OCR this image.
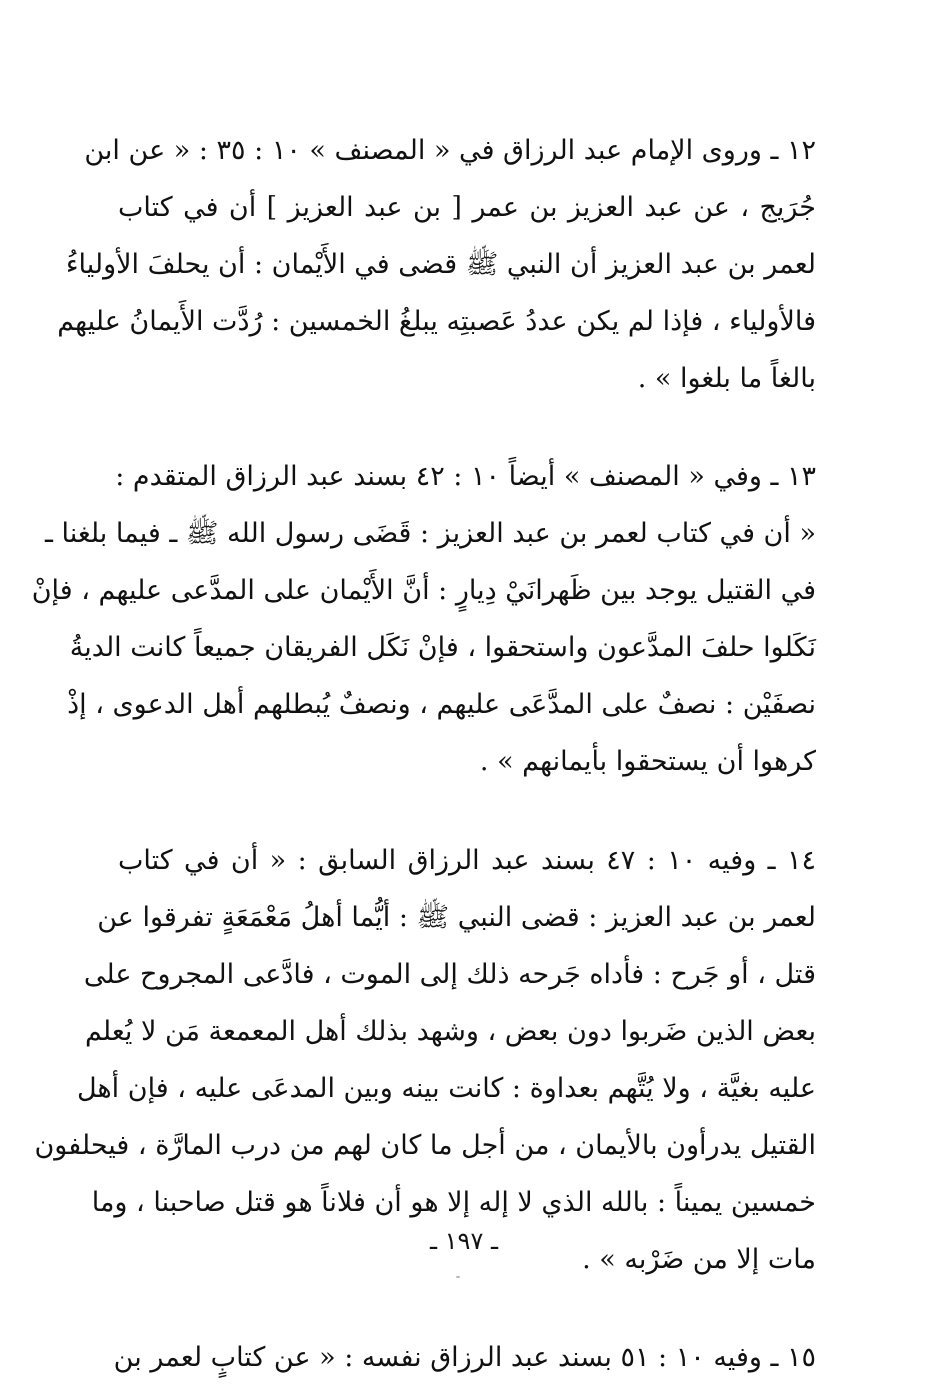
١٢ ـ وروى الإمام عبد الرزاق في « المصنف » ١٠ : ٣٥ : « عن ابن
جُرَيج ، عن عبد العزيز بن عمر [ بن عبد العزيز ] أن في كتاب
لعمر بن عبد العزيز أن النبي ﷺ قضى في الأَيْمان : أن يحلفَ الأولياءُ
فالأولياء ، فإذا لم يكن عددُ عَصبتِه يبلغُ الخمسين : رُدَّت الأَيمانُ عليهم
بالغاً ما بلغوا » .
١٣ ـ وفي « المصنف » أيضاً ١٠ : ٤٢ بسند عبد الرزاق المتقدم :
« أن في كتاب لعمر بن عبد العزيز : قَضَى رسول الله ﷺ ـ فيما بلغنا ـ
في القتيل يوجد بين ظَهرانَيْ دِيارٍ : أنَّ الأَيْمان على المدَّعى عليهم ، فإنْ
نَكَلوا حلفَ المدَّعون واستحقوا ، فإنْ نَكَل الفريقان جميعاً كانت الديةُ
نصفَيْن : نصفٌ على المدَّعَى عليهم ، ونصفٌ يُبطلهم أهل الدعوى ، إذْ
كرهوا أن يستحقوا بأيمانهم » .
١٤ ـ وفيه ١٠ : ٤٧ بسند عبد الرزاق السابق : « أن في كتاب
لعمر بن عبد العزيز : قضى النبي ﷺ : أيُّما أهلُ مَعْمَعَةٍ تفرقوا عن
قتل ، أو جَرح : فأداه جَرحه ذلك إلى الموت ، فادَّعى المجروح على
بعض الذين ضَربوا دون بعض ، وشهد بذلك أهل المعمعة مَن لا يُعلم
عليه بغيَّة ، ولا يُتَّهم بعداوة : كانت بينه وبين المدعَى عليه ، فإن أهل
القتيل يدرأون بالأيمان ، من أجل ما كان لهم من درب المارَّة ، فيحلفون
خمسين يميناً : بالله الذي لا إله إلا هو أن فلاناً هو قتل صاحبنا ، وما
مات إلا من ضَرْبه » .
١٥ ـ وفيه ١٠ : ٥١ بسند عبد الرزاق نفسه : « عن كتابٍ لعمر بن
ـ ١٩٧ ـ
